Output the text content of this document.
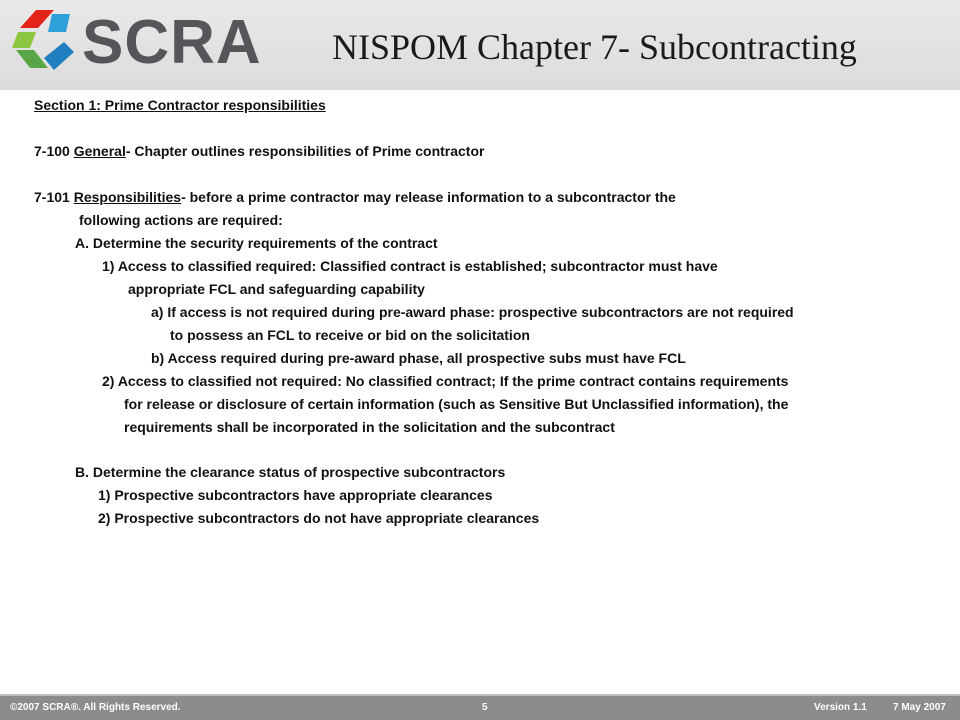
SCRA NISPOM Chapter 7- Subcontracting
Section 1: Prime Contractor responsibilities
7-100 General- Chapter outlines responsibilities of Prime contractor
7-101 Responsibilities- before a prime contractor may release information to a subcontractor the
following actions are required:
A. Determine the security requirements of the contract
1) Access to classified required: Classified contract is established; subcontractor must have
appropriate FCL and safeguarding capability
a) If access is not required during pre-award phase: prospective subcontractors are not required
to possess an FCL to receive or bid on the solicitation
b) Access required during pre-award phase, all prospective subs must have FCL
2) Access to classified not required: No classified contract; If the prime contract contains requirements
for release or disclosure of certain information (such as Sensitive But Unclassified information), the
requirements shall be incorporated in the solicitation and the subcontract
B. Determine the clearance status of prospective subcontractors
1) Prospective subcontractors have appropriate clearances
2) Prospective subcontractors do not have appropriate clearances
©2007 SCRA®. All Rights Reserved.	5	Version 1.1	7 May 2007
